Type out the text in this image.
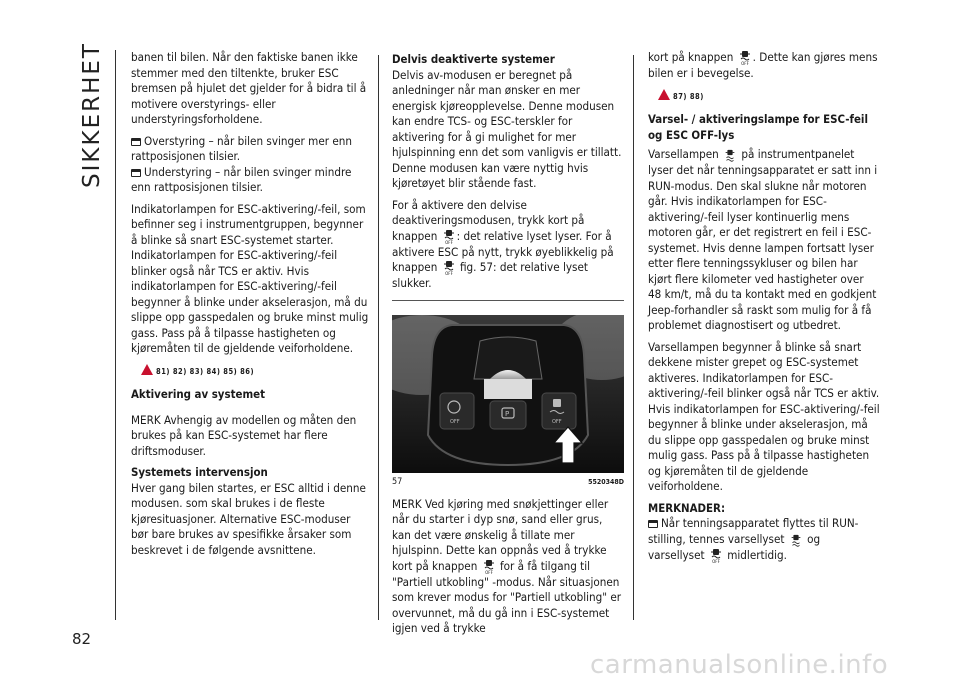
SIKKERHET
82

banen til bilen. Når den faktiske banen ikke stemmer med den tiltenkte, bruker ESC bremsen på hjulet det gjelder for å bidra til å motivere overstyrings- eller understyringsforholdene.

Overstyring – når bilen svinger mer enn rattposisjonen tilsier.

Understyring – når bilen svinger mindre enn rattposisjonen tilsier.

Indikatorlampen for ESC-aktivering/-feil, som befinner seg i instrumentgruppen, begynner å blinke så snart ESC-systemet starter. Indikatorlampen for ESC-aktivering/-feil blinker også når TCS er aktiv. Hvis indikatorlampen for ESC-aktivering/-feil begynner å blinke under akselerasjon, må du slippe opp gasspedalen og bruke minst mulig gass. Pass på å tilpasse hastigheten og kjøremåten til de gjeldende veiforholdene.

81) 82) 83) 84) 85) 86)
Aktivering av systemet

MERK Avhengig av modellen og måten den brukes på kan ESC-systemet har flere driftsmoduser.

Systemets intervensjon

Hver gang bilen startes, er ESC alltid i denne modusen. som skal brukes i de fleste kjøresituasjoner. Alternative ESC-moduser bør bare brukes av spesifikke årsaker som beskrevet i de følgende avsnittene.

Delvis deaktiverte systemer

Delvis av-modusen er beregnet på anledninger når man ønsker en mer energisk kjøreopplevelse. Denne modusen kan endre TCS- og ESC-terskler for aktivering for å gi mulighet for mer hjulspinning enn det som vanligvis er tillatt. Denne modusen kan være nyttig hvis kjøretøyet blir stående fast.

For å aktivere den delvise deaktiveringsmodusen, trykk kort på knappen OFF : det relative lyset lyser. For å aktivere ESC på nytt, trykk øyeblikkelig på knappen OFF fig. 57: det relative lyset slukker.

OFF
P
OFF
57	5520348D

MERK Ved kjøring med snøkjettinger eller når du starter i dyp snø, sand eller grus, kan det være ønskelig å tillate mer hjulspinn. Dette kan oppnås ved å trykke kort på knappen OFF for å få tilgang til "Partiell utkobling" -modus. Når situasjonen som krever modus for "Partiell utkobling" er overvunnet, må du gå inn i ESC-systemet igjen ved å trykke

kort på knappen OFF . Dette kan gjøres mens bilen er i bevegelse.

87) 88)
Varsel- / aktiveringslampe for ESC-feil og ESC OFF-lys

Varsellampen på instrumentpanelet lyser det når tenningsapparatet er satt inn i RUN-modus. Den skal slukne når motoren går. Hvis indikatorlampen for ESC-aktivering/-feil lyser kontinuerlig mens motoren går, er det registrert en feil i ESC-systemet. Hvis denne lampen fortsatt lyser etter flere tenningssykluser og bilen har kjørt flere kilometer ved hastigheter over 48 km/t, må du ta kontakt med en godkjent Jeep-forhandler så raskt som mulig for å få problemet diagnostisert og utbedret.

Varsellampen begynner å blinke så snart dekkene mister grepet og ESC-systemet aktiveres. Indikatorlampen for ESC-aktivering/-feil blinker også når TCS er aktiv. Hvis indikatorlampen for ESC-aktivering/-feil begynner å blinke under akselerasjon, må du slippe opp gasspedalen og bruke minst mulig gass. Pass på å tilpasse hastigheten og kjøremåten til de gjeldende veiforholdene.

MERKNADER:

Når tenningsapparatet flyttes til RUN-stilling, tennes varsellyset og varsellyset OFF midlertidig.

carmanualsonline.info
